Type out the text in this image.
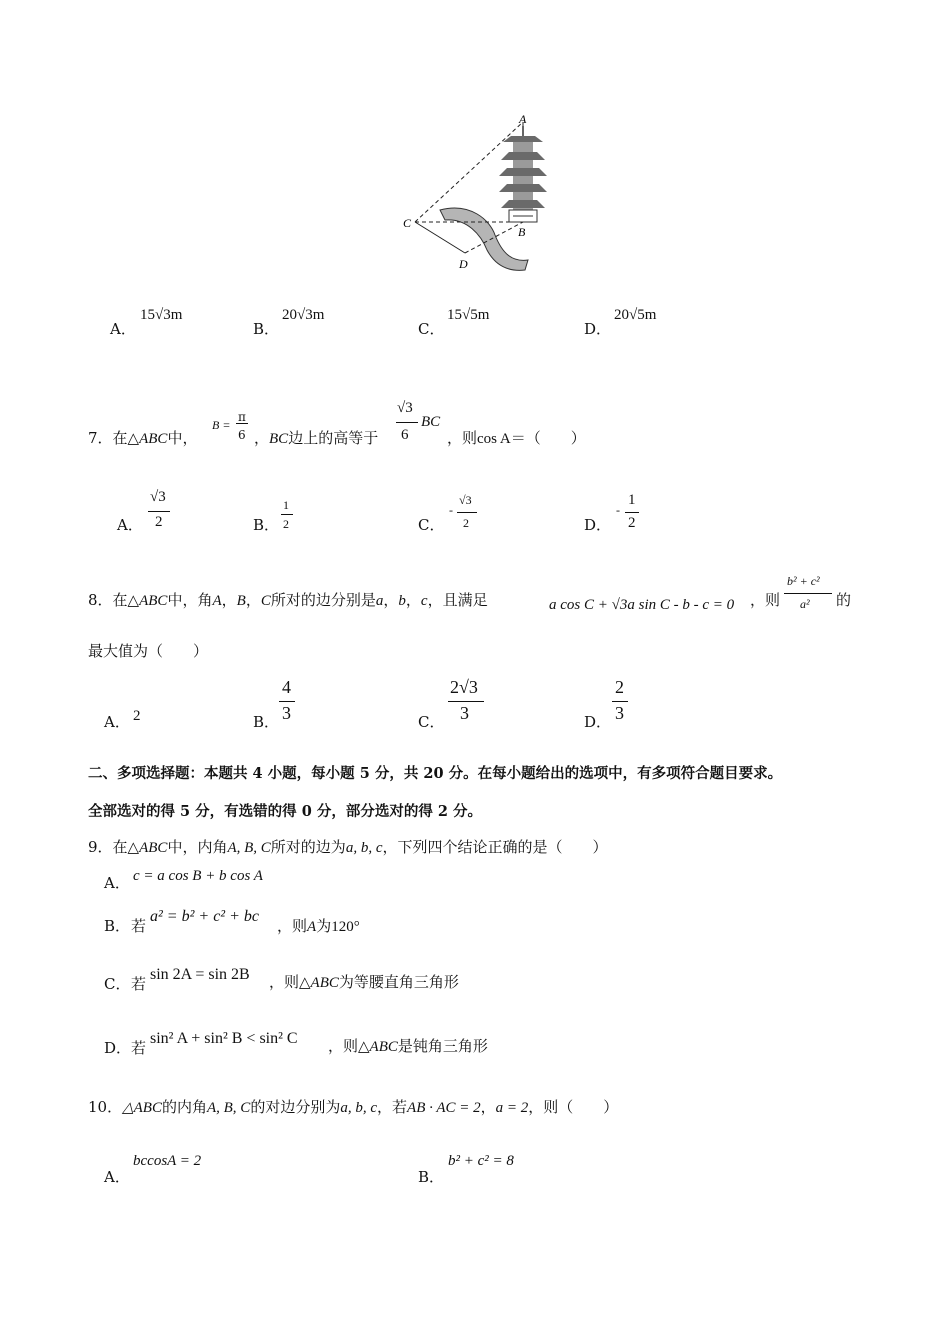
A
B
C
D
A．
15√3m
B．
20√3m
C．
15√5m
D．
20√5m
7．在△ABC中，
B =
π
6 ，BC边上的高等于
√3
6
BC
，则cos A＝（　　）
A．
√3
2	B．
1
2	C．
-
√3
2	D．
-
1
2
8．在△ABC中，角A，B，C所对的边分别是a，b，c，且满足	a cos C + √3a sin C - b - c = 0 ，则
b² + c²
a² 的
最大值为（　　）
A． 2	B．
4
3	C．
2√3
3	D．
2
3
二、多项选择题：本题共 4 小题，每小题 5 分，共 20 分。在每小题给出的选项中，有多项符合题目要求。
全部选对的得 5 分，有选错的得 0 分，部分选对的得 2 分。
9．在△ABC中，内角A, B, C所对的边为a, b, c，下列四个结论正确的是（　　）
A． c = a cos B + b cos A
B． 若
a² = b² + c² + bc
，则A为120°
C． 若
sin 2A = sin 2B ，则△ABC为等腰直角三角形
D． 若
sin² A + sin² B < sin² C ，则△ABC是钝角三角形
10．△ABC的内角A, B, C的对边分别为a, b, c，若AB · AC = 2，a = 2，则（　　）
A．
bccosA = 2
B．
b² + c² = 8
